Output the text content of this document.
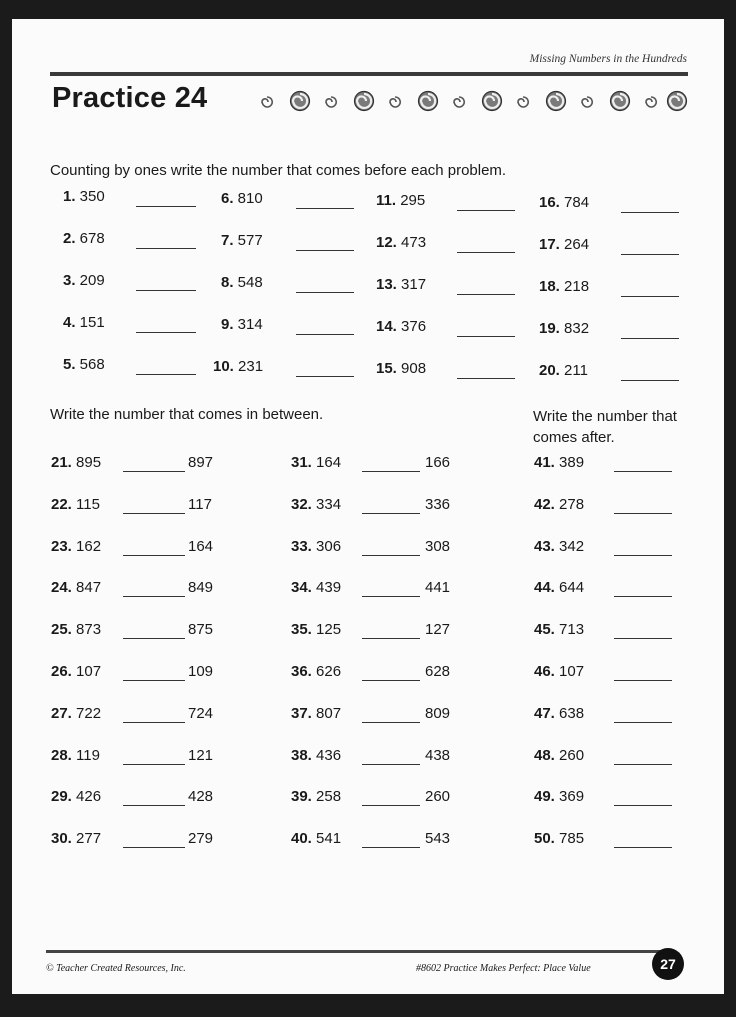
Missing Numbers in the Hundreds
Practice 24
Counting by ones write the number that comes before each problem.
1. 350
2. 678
3. 209
4. 151
5. 568
6. 810
7. 577
8. 548
9. 314
10. 231
11. 295
12. 473
13. 317
14. 376
15. 908
16. 784
17. 264
18. 218
19. 832
20. 211
Write the number that comes in between.	Write the number that comes after.
21. 895	897
22. 115	117
23. 162	164
24. 847	849
25. 873	875
26. 107	109
27. 722	724
28. 119	121
29. 426	428
30. 277	279
31. 164	166
32. 334	336
33. 306	308
34. 439	441
35. 125	127
36. 626	628
37. 807	809
38. 436	438
39. 258	260
40. 541	543
41. 389
42. 278
43. 342
44. 644
45. 713
46. 107
47. 638
48. 260
49. 369
50. 785
© Teacher Created Resources, Inc.	#8602 Practice Makes Perfect: Place Value	27
